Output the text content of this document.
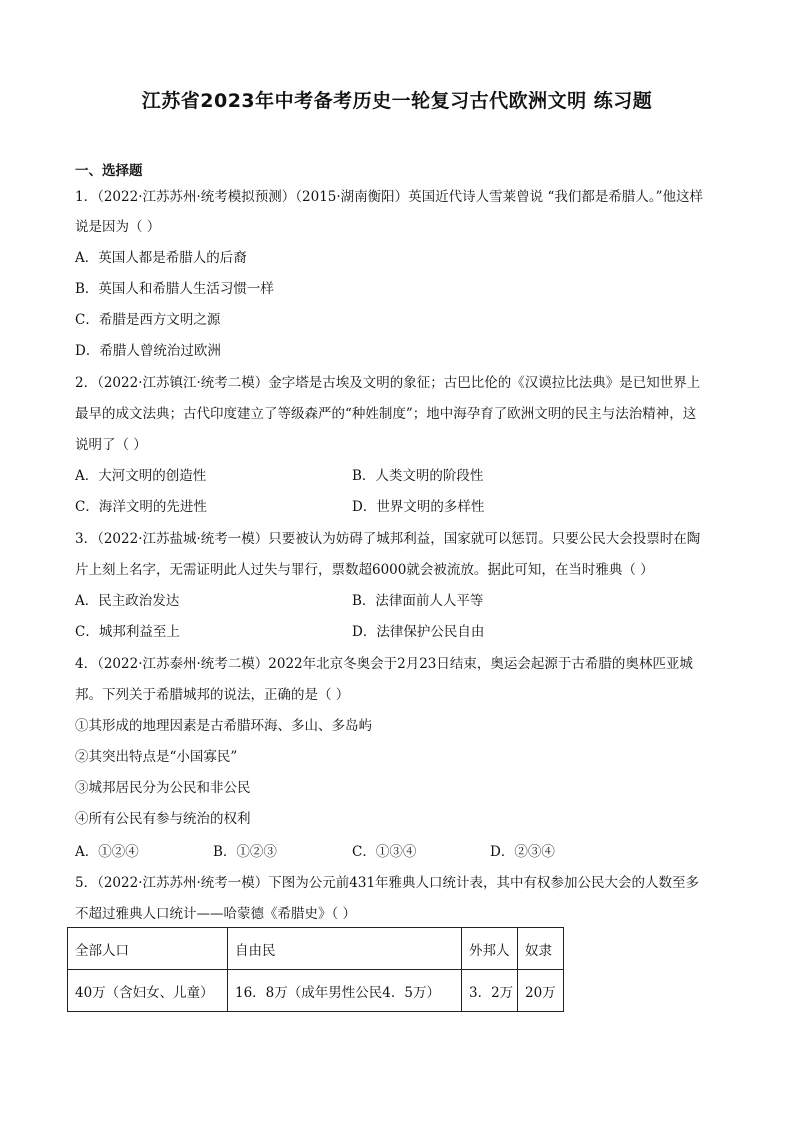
江苏省2023年中考备考历史一轮复习古代欧洲文明 练习题
一、选择题
1．（2022·江苏苏州·统考模拟预测）（2015·湖南衡阳）英国近代诗人雪莱曾说 “我们都是希腊人。”他这样
说是因为（ ）
A．英国人都是希腊人的后裔
B．英国人和希腊人生活习惯一样
C．希腊是西方文明之源
D．希腊人曾统治过欧洲
2．（2022·江苏镇江·统考二模）金字塔是古埃及文明的象征；古巴比伦的《汉谟拉比法典》是已知世界上
最早的成文法典；古代印度建立了等级森严的“种姓制度”；地中海孕育了欧洲文明的民主与法治精神，这
说明了（ ）
A．大河文明的创造性	B．人类文明的阶段性
C．海洋文明的先进性	D．世界文明的多样性
3．（2022·江苏盐城·统考一模）只要被认为妨碍了城邦利益，国家就可以惩罚。只要公民大会投票时在陶
片上刻上名字，无需证明此人过失与罪行，票数超6000就会被流放。据此可知，在当时雅典（ ）
A．民主政治发达	B．法律面前人人平等
C．城邦利益至上	D．法律保护公民自由
4．（2022·江苏泰州·统考二模）2022年北京冬奥会于2月23日结束，奥运会起源于古希腊的奥林匹亚城
邦。下列关于希腊城邦的说法，正确的是（ ）
①其形成的地理因素是古希腊环海、多山、多岛屿
②其突出特点是“小国寡民”
③城邦居民分为公民和非公民
④所有公民有参与统治的权利
A．①②④	B．①②③	C．①③④	D．②③④
5．（2022·江苏苏州·统考一模）下图为公元前431年雅典人口统计表，其中有权参加公民大会的人数至多
不超过雅典人口统计——哈蒙德《希腊史》（ ）
全部人口	自由民	外邦人	奴隶
40万（含妇女、儿童）	16．8万（成年男性公民4．5万）	3．2万	20万
